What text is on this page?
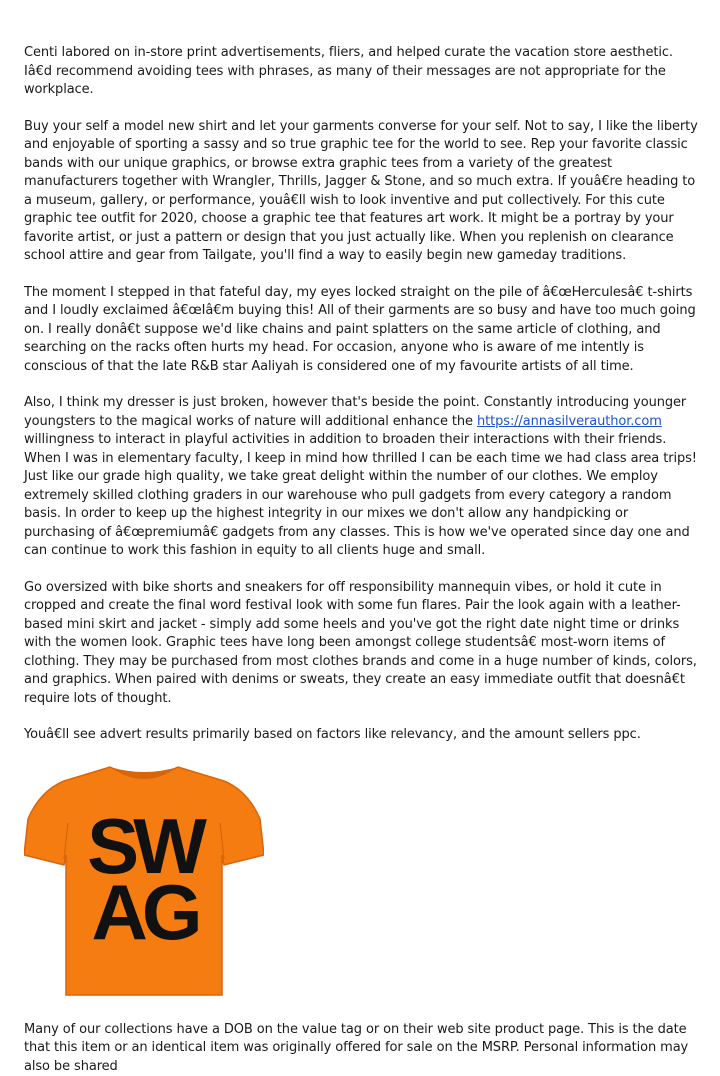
Centi labored on in-store print advertisements, fliers, and helped curate the vacation store aesthetic. Iâ€d recommend avoiding tees with phrases, as many of their messages are not appropriate for the workplace.

Buy your self a model new shirt and let your garments converse for your self. Not to say, I like the liberty and enjoyable of sporting a sassy and so true graphic tee for the world to see. Rep your favorite classic bands with our unique graphics, or browse extra graphic tees from a variety of the greatest manufacturers together with Wrangler, Thrills, Jagger & Stone, and so much extra. If youâ€re heading to a museum, gallery, or performance, youâ€ll wish to look inventive and put collectively. For this cute graphic tee outfit for 2020, choose a graphic tee that features art work. It might be a portray by your favorite artist, or just a pattern or design that you just actually like. When you replenish on clearance school attire and gear from Tailgate, you'll find a way to easily begin new gameday traditions.

The moment I stepped in that fateful day, my eyes locked straight on the pile of â€œHerculesâ€ t-shirts and I loudly exclaimed â€œIâ€m buying this! All of their garments are so busy and have too much going on. I really donâ€t suppose we'd like chains and paint splatters on the same article of clothing, and searching on the racks often hurts my head. For occasion, anyone who is aware of me intently is conscious of that the late R&B star Aaliyah is considered one of my favourite artists of all time.

Also, I think my dresser is just broken, however that's beside the point. Constantly introducing younger youngsters to the magical works of nature will additional enhance the https://annasilverauthor.com willingness to interact in playful activities in addition to broaden their interactions with their friends. When I was in elementary faculty, I keep in mind how thrilled I can be each time we had class area trips! Just like our grade high quality, we take great delight within the number of our clothes. We employ extremely skilled clothing graders in our warehouse who pull gadgets from every category a random basis. In order to keep up the highest integrity in our mixes we don't allow any handpicking or purchasing of â€œpremiumâ€ gadgets from any classes. This is how we've operated since day one and can continue to work this fashion in equity to all clients huge and small.

Go oversized with bike shorts and sneakers for off responsibility mannequin vibes, or hold it cute in cropped and create the final word festival look with some fun flares. Pair the look again with a leather-based mini skirt and jacket - simply add some heels and you've got the right date night time or drinks with the women look. Graphic tees have long been amongst college studentsâ€ most-worn items of clothing. They may be purchased from most clothes brands and come in a huge number of kinds, colors, and graphics. When paired with denims or sweats, they create an easy immediate outfit that doesnâ€t require lots of thought.

Youâ€ll see advert results primarily based on factors like relevancy, and the amount sellers ppc.

SW
AG

Many of our collections have a DOB on the value tag or on their web site product page. This is the date that this item or an identical item was originally offered for sale on the MSRP. Personal information may also be shared
